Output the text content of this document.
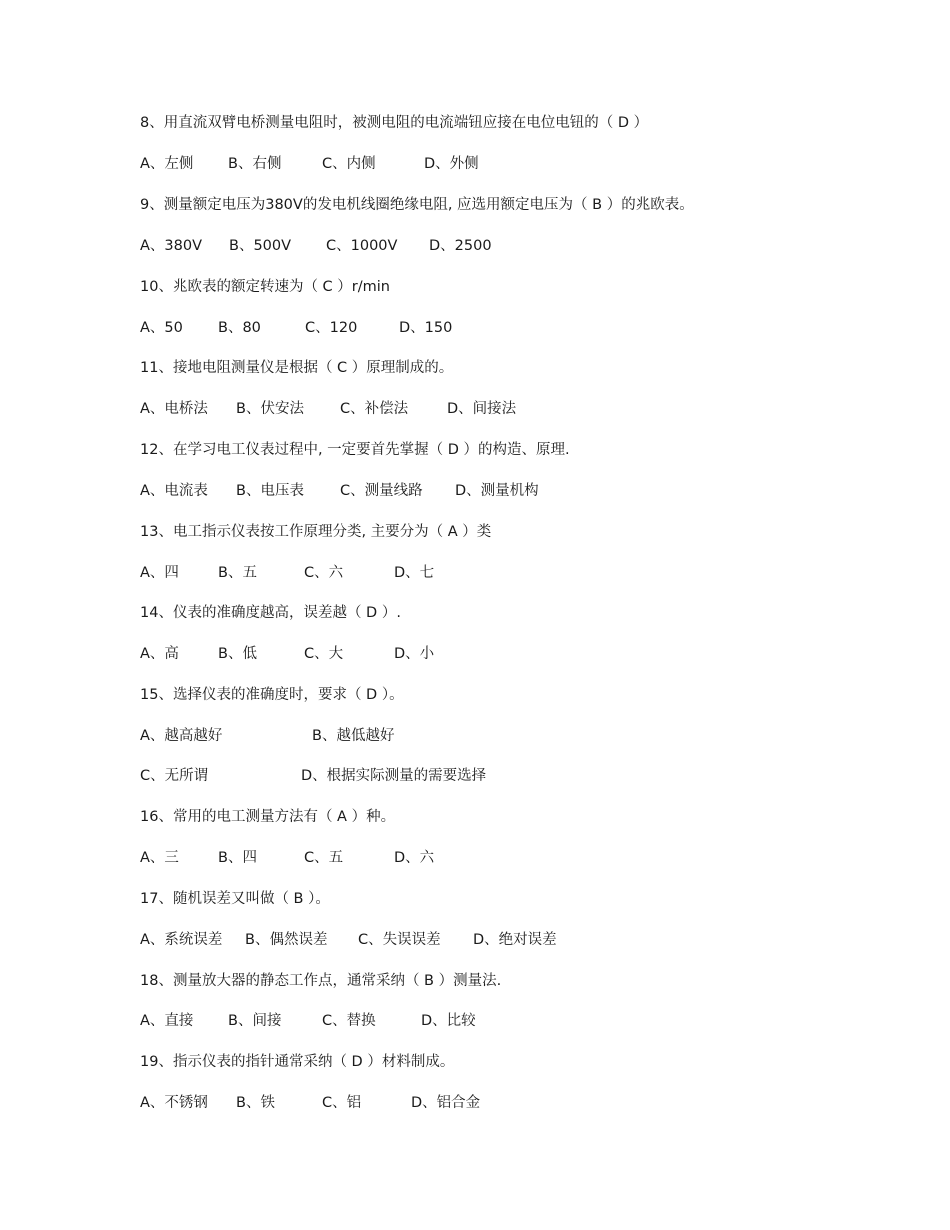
8、用直流双臂电桥测量电阻时，被测电阻的电流端钮应接在电位电钮的（ D ）
A、左侧 B、右侧	C、内侧	D、外侧
9、测量额定电压为380V的发电机线圈绝缘电阻, 应选用额定电压为（ B ）的兆欧表。
A、380V B、500V C、1000V D、2500
10、兆欧表的额定转速为（ C ）r/min
A、50 B、80	C、120	D、150
11、接地电阻测量仪是根据（ C ）原理制成的。
A、电桥法 B、伏安法 C、补偿法	D、间接法
12、在学习电工仪表过程中, 一定要首先掌握（ D ）的构造、原理.
A、电流表 B、电压表 C、测量线路 D、测量机构
13、电工指示仪表按工作原理分类, 主要分为（ A ）类
A、四	B、五	C、六	D、七
14、仪表的准确度越高，误差越（ D ）.
A、高	B、低	C、大	D、小
15、选择仪表的准确度时，要求（ D ）。
A、越高越好	B、越低越好
C、无所谓	D、根据实际测量的需要选择
16、常用的电工测量方法有（ A ）种。
A、三	B、四	C、五	D、六
17、随机误差又叫做（ B ）。
A、系统误差 B、偶然误差 C、失误误差 D、绝对误差
18、测量放大器的静态工作点，通常采纳（ B ）测量法.
A、直接 B、间接	C、替换	D、比较
19、指示仪表的指针通常采纳（ D ）材料制成。
A、不锈钢 B、铁	C、铝	D、铝合金
